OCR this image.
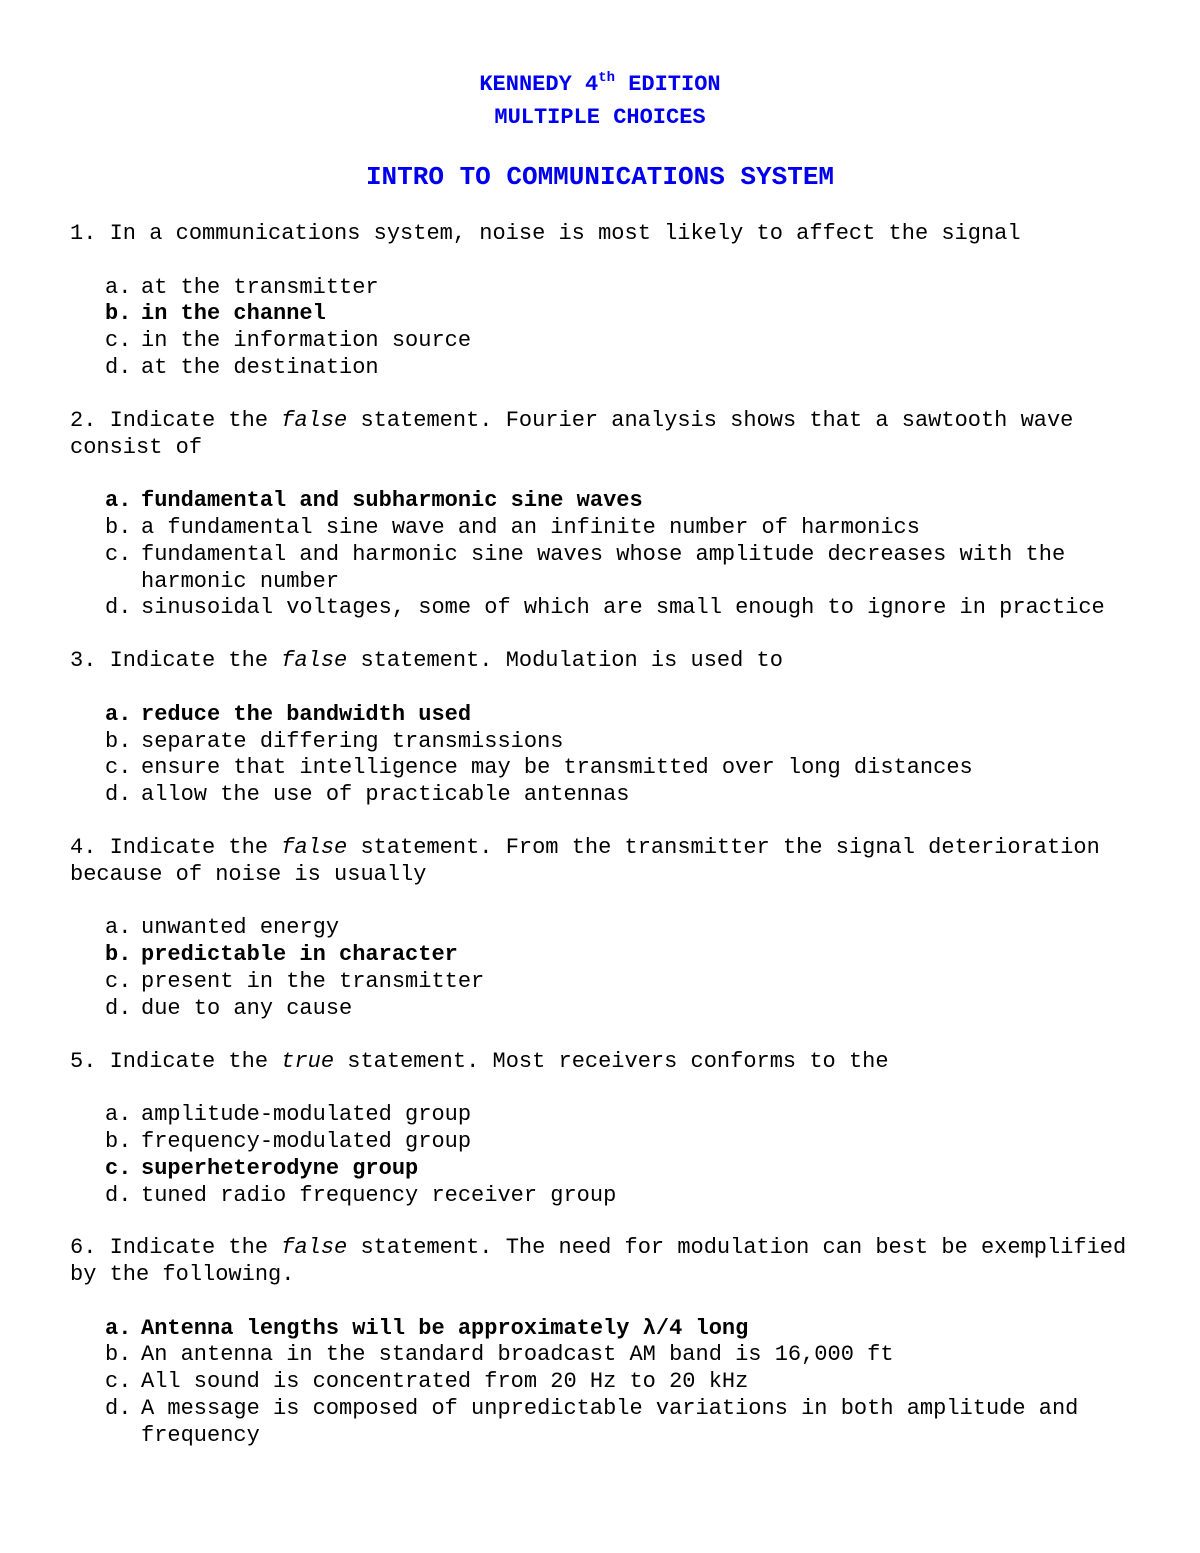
KENNEDY 4th EDITION
MULTIPLE CHOICES
INTRO TO COMMUNICATIONS SYSTEM
1. In a communications system, noise is most likely to affect the signal
a. at the transmitter
b. in the channel
c. in the information source
d. at the destination
2. Indicate the false statement. Fourier analysis shows that a sawtooth wave consist of
a. fundamental and subharmonic sine waves
b. a fundamental sine wave and an infinite number of harmonics
c. fundamental and harmonic sine waves whose amplitude decreases with the harmonic number
d. sinusoidal voltages, some of which are small enough to ignore in practice
3. Indicate the false statement. Modulation is used to
a. reduce the bandwidth used
b. separate differing transmissions
c. ensure that intelligence may be transmitted over long distances
d. allow the use of practicable antennas
4. Indicate the false statement. From the transmitter the signal deterioration because of noise is usually
a. unwanted energy
b. predictable in character
c. present in the transmitter
d. due to any cause
5. Indicate the true statement. Most receivers conforms to the
a. amplitude-modulated group
b. frequency-modulated group
c. superheterodyne group
d. tuned radio frequency receiver group
6. Indicate the false statement. The need for modulation can best be exemplified by the following.
a. Antenna lengths will be approximately λ/4 long
b. An antenna in the standard broadcast AM band is 16,000 ft
c. All sound is concentrated from 20 Hz to 20 kHz
d. A message is composed of unpredictable variations in both amplitude and frequency
